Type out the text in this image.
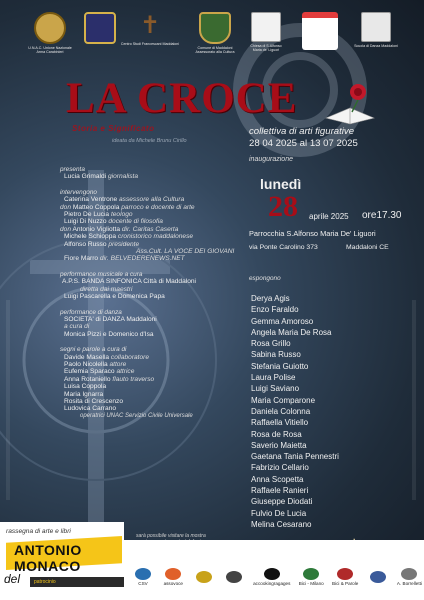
U.N.A.C. Unione Nazionale Arma Carabinieri
✝
Centro Studi Francescani Maddaloni
Comune di Maddaloni Assessorato alla Cultura
Chiesa di S.Alfonso Maria de' Liguori
Scuola di Danza Maddaloni
LA CROCE
Storia e Significato
ideata da Michele Brunu Cirillo
collettiva di arti figurative
28 04 2025 al 13 07 2025
inaugurazione
lunedì
28 aprile 2025 ore17.30
Parrocchia S.Alfonso Maria De' Liguori
via Ponte Carolino 373	Maddaloni CE
presenta
Lucia Grimaldi giornalista
intervengono
Caterina Ventrone assessore alla Cultura
don Matteo Coppola parroco e docente di arte
Pietro De Lucia teologo
Luigi Di Nuzzo docente di filosofia
don Antonio Vigliotta dir. Caritas Caserta
Michele Schioppa cronistorico maddalonese
Alfonso Russo presidente
Ass.Cult. LA VOCE DEI GIOVANI
Fiore Marro dir. BELVEDERENEWS.NET
performance musicale a cura
A.P.S. BANDA SINFONICA Città di Maddaloni
diretta dai maestri
Luigi Pascarella e Domenica Papa
performance di danza
SOCIETA' di DANZA Maddaloni
a cura di
Monica Pizzi e Domenico d'Isa
segni e parole a cura di
Davide Masella collaboratore
Paolo Nicolella attore
Eufemia Sparaco attrice
Anna Rotaniello flauto traverso
Luisa Coppola
Maria Ignarra
Rosita di Crescenzo
Ludovica Carrano
operatrici UNAC Servizio Civile Universale
espongono
Derya Agis
Enzo Faraldo
Gemma Amoroso
Angela Maria De Rosa
Rosa Grillo
Sabina Russo
Stefania Guiotto
Laura Polise
Luigi Saviano
Maria Comparone
Daniela Colonna
Raffaella Vitiello
Rosa de Rosa
Saverio Maietta
Gaetana Tania Pennestri
Fabrizio Cellario
Anna Scopetta
Raffaele Ranieri
Giuseppe Diodati
Fulvio De Lucia
Melina Cesarano
sarà possibile visitare la mostra
rassegna di arte e libri
ANTONIO MONACO
del	patrocinio	CSV	assovoce	accookingragages Bici - Milano Bici & Parole	A. Borrelletti
